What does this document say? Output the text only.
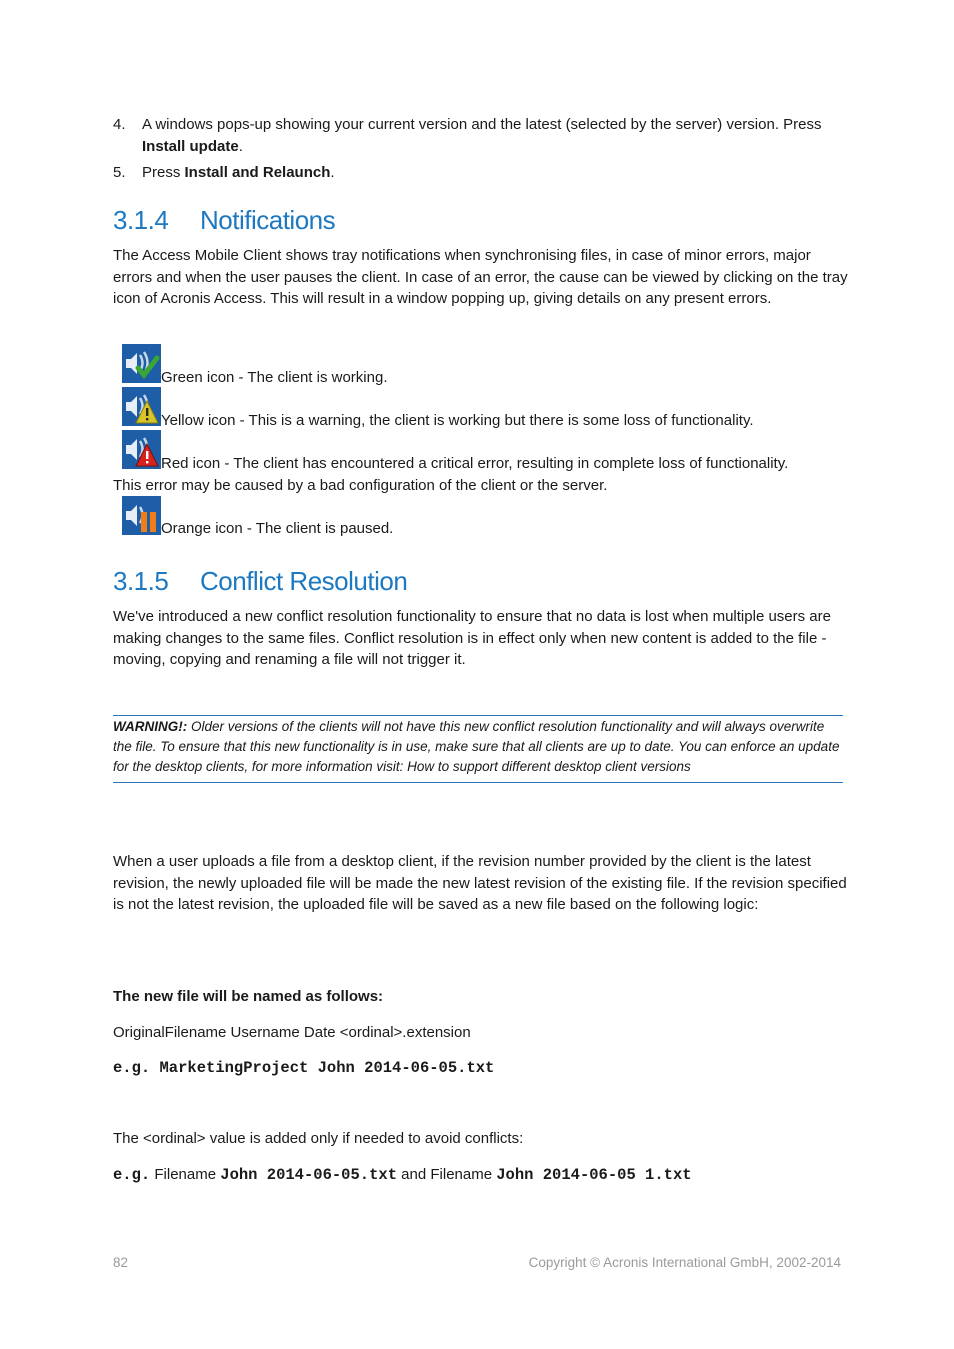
4. A windows pops-up showing your current version and the latest (selected by the server) version. Press Install update.

5. Press Install and Relaunch.

3.1.4 Notifications

The Access Mobile Client shows tray notifications when synchronising files, in case of minor errors, major errors and when the user pauses the client. In case of an error, the cause can be viewed by clicking on the tray icon of Acronis Access. This will result in a window popping up, giving details on any present errors.

Green icon - The client is working.

Yellow icon - This is a warning, the client is working but there is some loss of functionality.

Red icon - The client has encountered a critical error, resulting in complete loss of functionality.

This error may be caused by a bad configuration of the client or the server.

Orange icon - The client is paused.

3.1.5 Conflict Resolution

We've introduced a new conflict resolution functionality to ensure that no data is lost when multiple users are making changes to the same files. Conflict resolution is in effect only when new content is added to the file - moving, copying and renaming a file will not trigger it.

WARNING!: Older versions of the clients will not have this new conflict resolution functionality and will always overwrite the file. To ensure that this new functionality is in use, make sure that all clients are up to date. You can enforce an update for the desktop clients, for more information visit: How to support different desktop client versions

When a user uploads a file from a desktop client, if the revision number provided by the client is the latest revision, the newly uploaded file will be made the new latest revision of the existing file. If the revision specified is not the latest revision, the uploaded file will be saved as a new file based on the following logic:

The new file will be named as follows:

OriginalFilename Username Date <ordinal>.extension

e.g. MarketingProject John 2014-06-05.txt

The <ordinal> value is added only if needed to avoid conflicts:

e.g. Filename John 2014-06-05.txt and Filename John 2014-06-05 1.txt

82	Copyright © Acronis International GmbH, 2002-2014
